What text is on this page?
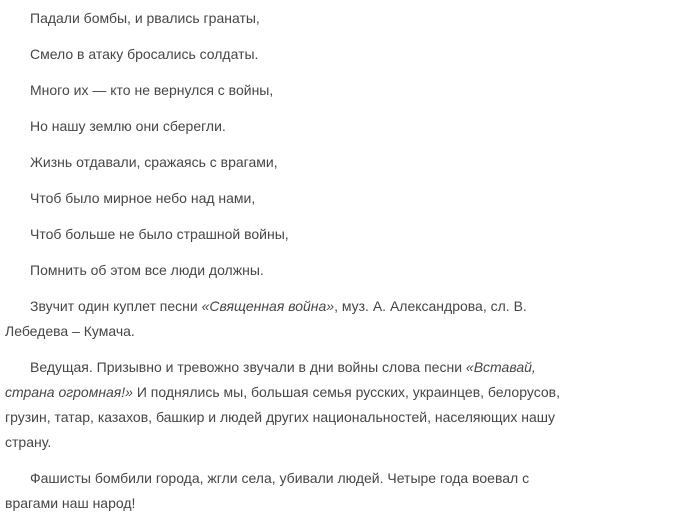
Падали бомбы, и рвались гранаты,

Смело в атаку бросались солдаты.

Много их — кто не вернулся с войны,

Но нашу землю они сберегли.

Жизнь отдавали, сражаясь с врагами,

Чтоб было мирное небо над нами,

Чтоб больше не было страшной войны,

Помнить об этом все люди должны.

Звучит один куплет песни «Священная война», муз. А. Александрова, сл. В.
Лебедева – Кумача.

Ведущая. Призывно и тревожно звучали в дни войны слова песни «Вставай,
страна огромная!» И поднялись мы, большая семья русских, украинцев, белорусов,
грузин, татар, казахов, башкир и людей других национальностей, населяющих нашу
страну.

Фашисты бомбили города, жгли села, убивали людей. Четыре года воевал с
врагами наш народ!
